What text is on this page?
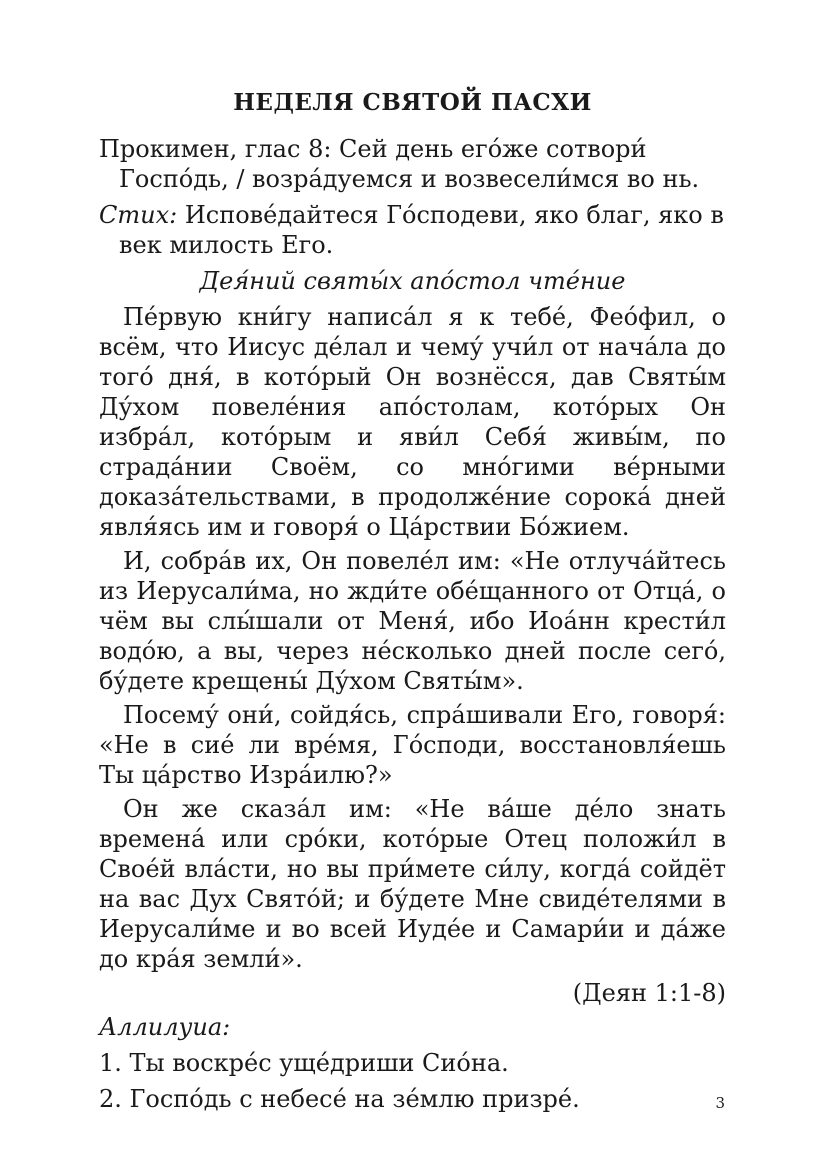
НЕДЕЛЯ СВЯТОЙ ПАСХИ
Прокимен, глас 8: Сей день его́же сотвори́ Госпо́дь, / возра́дуемся и возвесели́мся во нь.
Стих: Испове́дайтеся Го́сподеви, яко благ, яко в век милость Его.
Дея́ний святы́х апо́стол чте́ние
Пе́рвую кни́гу написа́л я к тебе́, Фео́фил, о всём, что Иисус де́лал и чему́ учи́л от нача́ла до того́ дня́, в кото́рый Он вознёсся, дав Святы́м Ду́хом повеле́ния апо́столам, кото́рых Он избра́л, кото́рым и яви́л Себя́ живы́м, по страда́нии Своём, со мно́гими ве́рными доказа́тельствами, в продолже́ние сорока́ дней явля́ясь им и говоря́ о Ца́рствии Бо́жием.
И, собра́в их, Он повеле́л им: «Не отлуча́йтесь из Иерусали́ма, но жди́те обе́щанного от Отца́, о чём вы слы́шали от Меня́, ибо Иоа́нн крести́л водо́ю, а вы, через не́сколько дней после сего́, бу́дете крещены́ Ду́хом Святы́м».
Посему́ они́, сойдя́сь, спра́шивали Его, говоря́: «Не в сие́ ли вре́мя, Го́споди, восстановля́ешь Ты ца́рство Изра́илю?»
Он же сказа́л им: «Не ва́ше де́ло знать времена́ или сро́ки, кото́рые Отец положи́л в Свое́й вла́сти, но вы при́мете си́лу, когда́ сойдёт на вас Дух Свято́й; и бу́дете Мне свиде́телями в Иерусали́ме и во всей Иуде́е и Самари́и и да́же до кра́я земли́».
(Деян 1:1-8)
Аллилуиа:
1. Ты воскре́с уще́дриши Сио́на.
2. Госпо́дь с небесе́ на зе́млю призре́.	3
